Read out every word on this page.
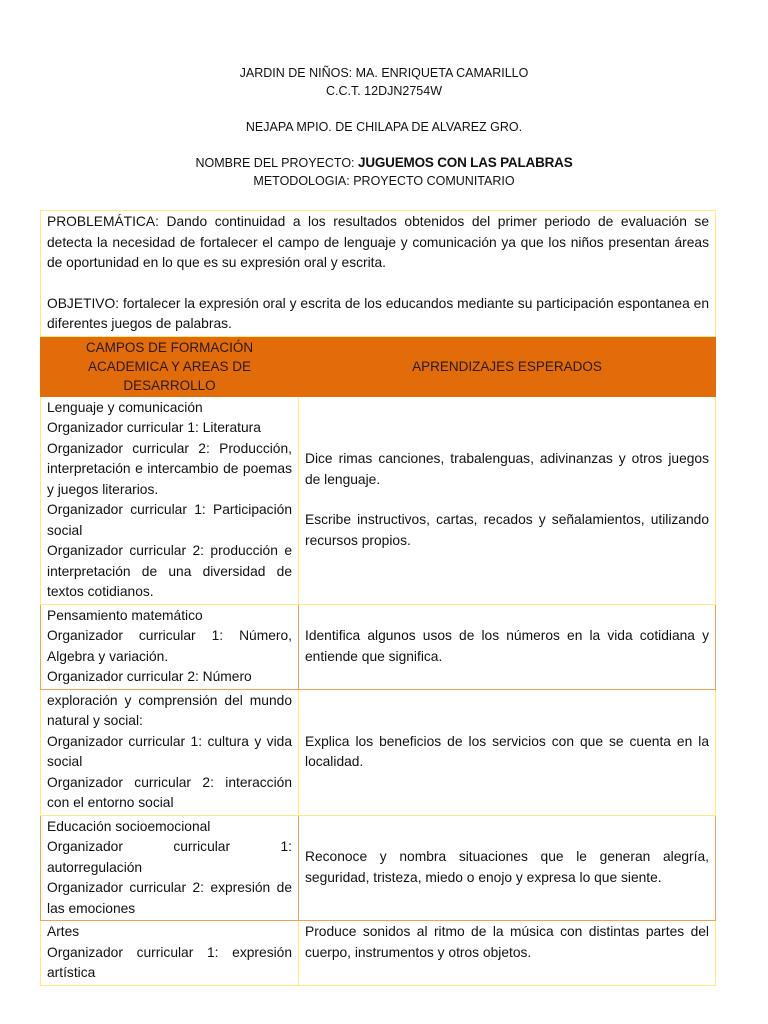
JARDIN DE NIÑOS: MA. ENRIQUETA CAMARILLO
C.C.T. 12DJN2754W
NEJAPA MPIO. DE CHILAPA DE ALVAREZ GRO.
NOMBRE DEL PROYECTO: JUGUEMOS CON LAS PALABRAS
METODOLOGIA: PROYECTO COMUNITARIO

PROBLEMÁTICA: Dando continuidad a los resultados obtenidos del primer periodo de evaluación se detecta la necesidad de fortalecer el campo de lenguaje y comunicación ya que los niños presentan áreas de oportunidad en lo que es su expresión oral y escrita.

OBJETIVO: fortalecer la expresión oral y escrita de los educandos mediante su participación espontanea en diferentes juegos de palabras.	

CAMPOS DE FORMACIÓN ACADEMICA Y AREAS DE DESARROLLO	APRENDIZAJES ESPERADOS

Lenguaje y comunicación
Organizador curricular 1: Literatura
Organizador curricular 2: Producción, interpretación e intercambio de poemas y juegos literarios.
Organizador curricular 1: Participación social
Organizador curricular 2: producción e interpretación de una diversidad de textos cotidianos.	Dice rimas canciones, trabalenguas, adivinanzas y otros juegos de lenguaje.
Escribe instructivos, cartas, recados y señalamientos, utilizando recursos propios.

Pensamiento matemático
Organizador curricular 1: Número, Algebra y variación.
Organizador curricular 2: Número	Identifica algunos usos de los números en la vida cotidiana y entiende que significa.

exploración y comprensión del mundo natural y social:
Organizador curricular 1: cultura y vida social
Organizador curricular 2: interacción con el entorno social	Explica los beneficios de los servicios con que se cuenta en la localidad.

Educación socioemocional
Organizador curricular 1: autorregulación
Organizador curricular 2: expresión de las emociones	Reconoce y nombra situaciones que le generan alegría, seguridad, tristeza, miedo o enojo y expresa lo que siente.

Artes
Organizador curricular 1: expresión artística	Produce sonidos al ritmo de la música con distintas partes del cuerpo, instrumentos y otros objetos.
